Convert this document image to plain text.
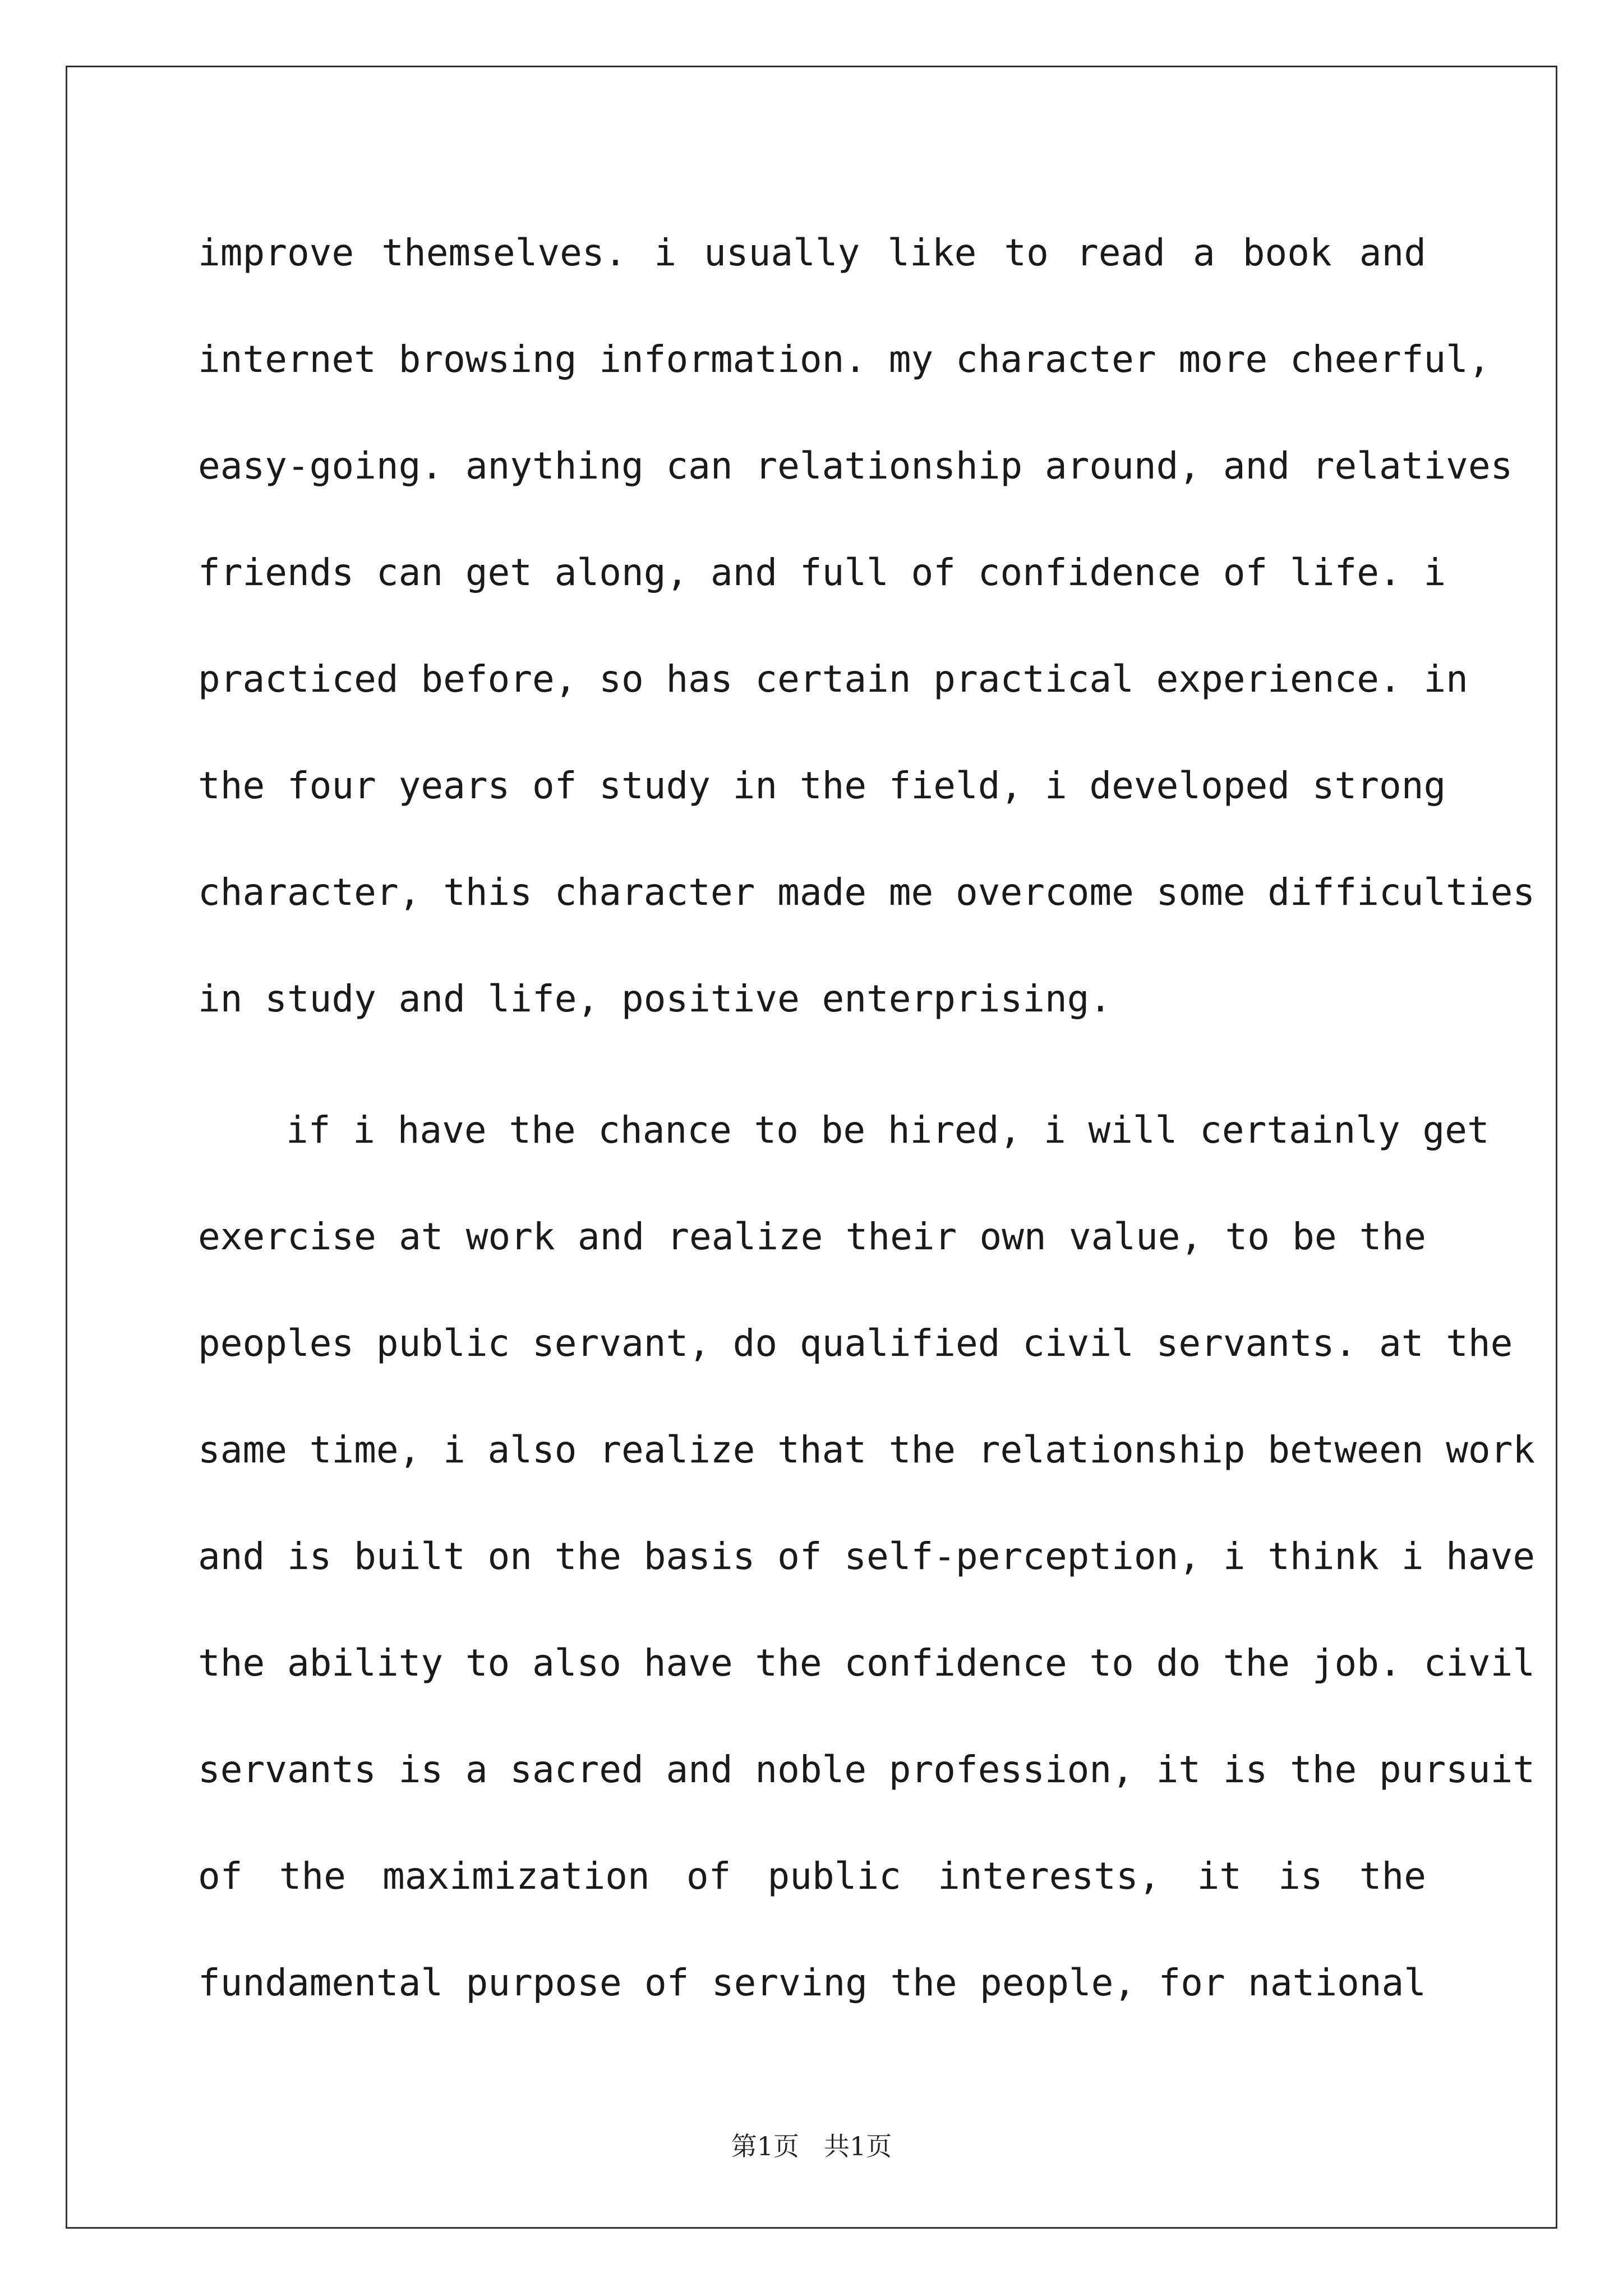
improve themselves. i usually like to read a book and
internet browsing information. my character more cheerful,
easy-going. anything can relationship around, and relatives
friends can get along, and full of confidence of life. i
practiced before, so has certain practical experience. in
the four years of study in the field, i developed strong
character, this character made me overcome some difficulties
in study and life, positive enterprising.
if i have the chance to be hired, i will certainly get
exercise at work and realize their own value, to be the
peoples public servant, do qualified civil servants. at the
same time, i also realize that the relationship between work
and is built on the basis of self-perception, i think i have
the ability to also have the confidence to do the job. civil
servants is a sacred and noble profession, it is the pursuit
of the maximization of public interests, it is the
fundamental purpose of serving the people, for national
第1页 共1页
